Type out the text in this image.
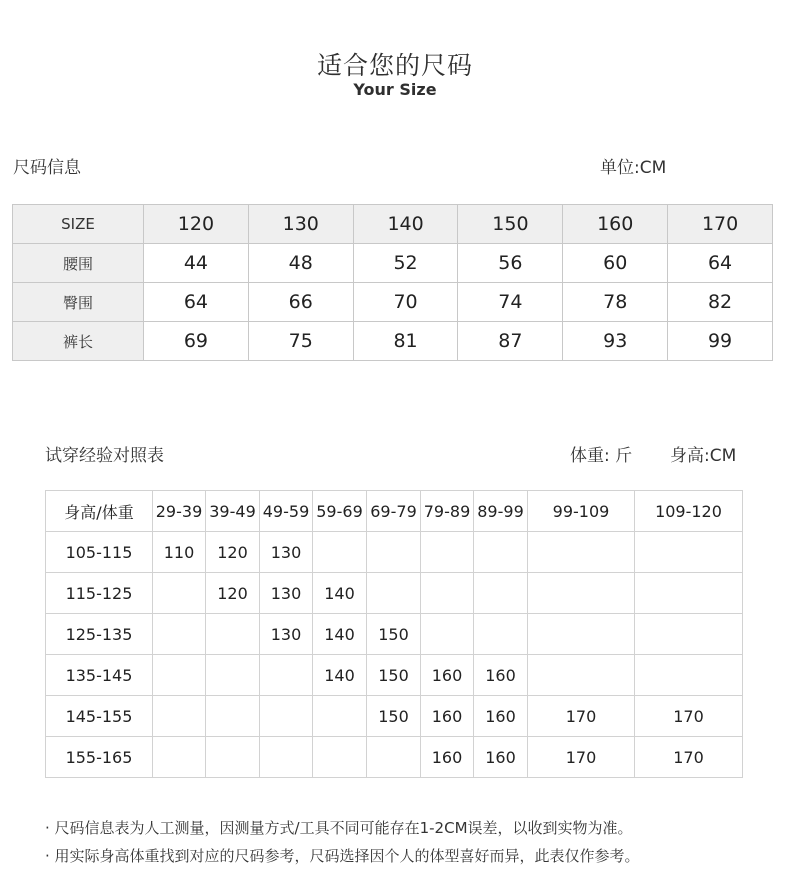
适合您的尺码
Your Size
尺码信息	单位:CM
SIZE	120	130	140	150	160	170
腰围	44	48	52	56	60	64
臀围	64	66	70	74	78	82
裤长	69	75	81	87	93	99
试穿经验对照表	体重: 斤 身高:CM
身高/体重	29-39	39-49	49-59	59-69	69-79	79-89	89-99	99-109	109-120
105-115	110	120	130						
115-125		120	130	140					
125-135			130	140	150				
135-145				140	150	160	160		
145-155					150	160	160	170	170
155-165						160	160	170	170
· 尺码信息表为人工测量，因测量方式/工具不同可能存在1-2CM误差，以收到实物为准。
· 用实际身高体重找到对应的尺码参考，尺码选择因个人的体型喜好而异，此表仅作参考。
